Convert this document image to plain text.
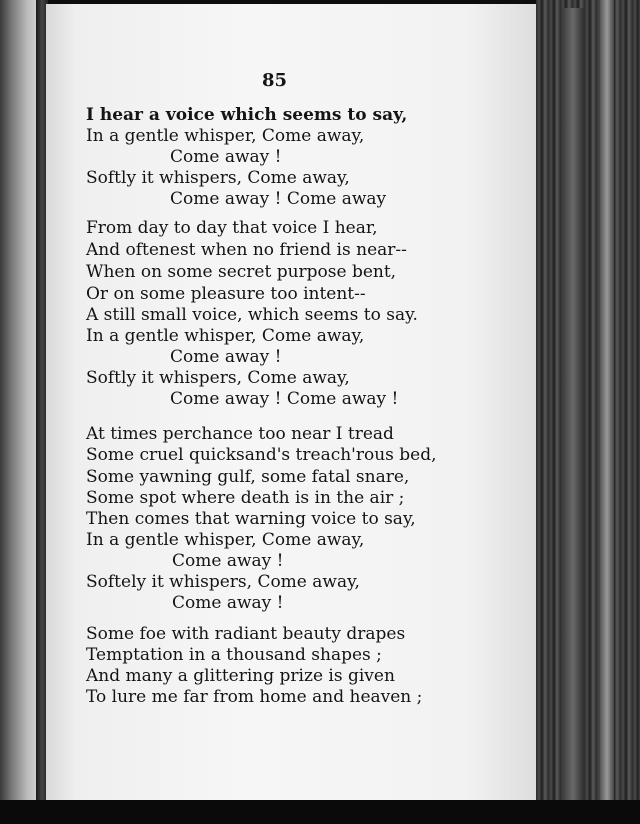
85
I hear a voice which seems to say,
In a gentle whisper, Come away,
Come away !
Softly it whispers, Come away,
Come away ! Come away
From day to day that voice I hear,
And oftenest when no friend is near--
When on some secret purpose bent,
Or on some pleasure too intent--
A still small voice, which seems to say.
In a gentle whisper, Come away,
Come away !
Softly it whispers, Come away,
Come away ! Come away !
At times perchance too near I tread
Some cruel quicksand's treach'rous bed,
Some yawning gulf, some fatal snare,
Some spot where death is in the air ;
Then comes that warning voice to say,
In a gentle whisper, Come away,
Come away !
Softely it whispers, Come away,
Come away !
Some foe with radiant beauty drapes
Temptation in a thousand shapes ;
And many a glittering prize is given
To lure me far from home and heaven ;
